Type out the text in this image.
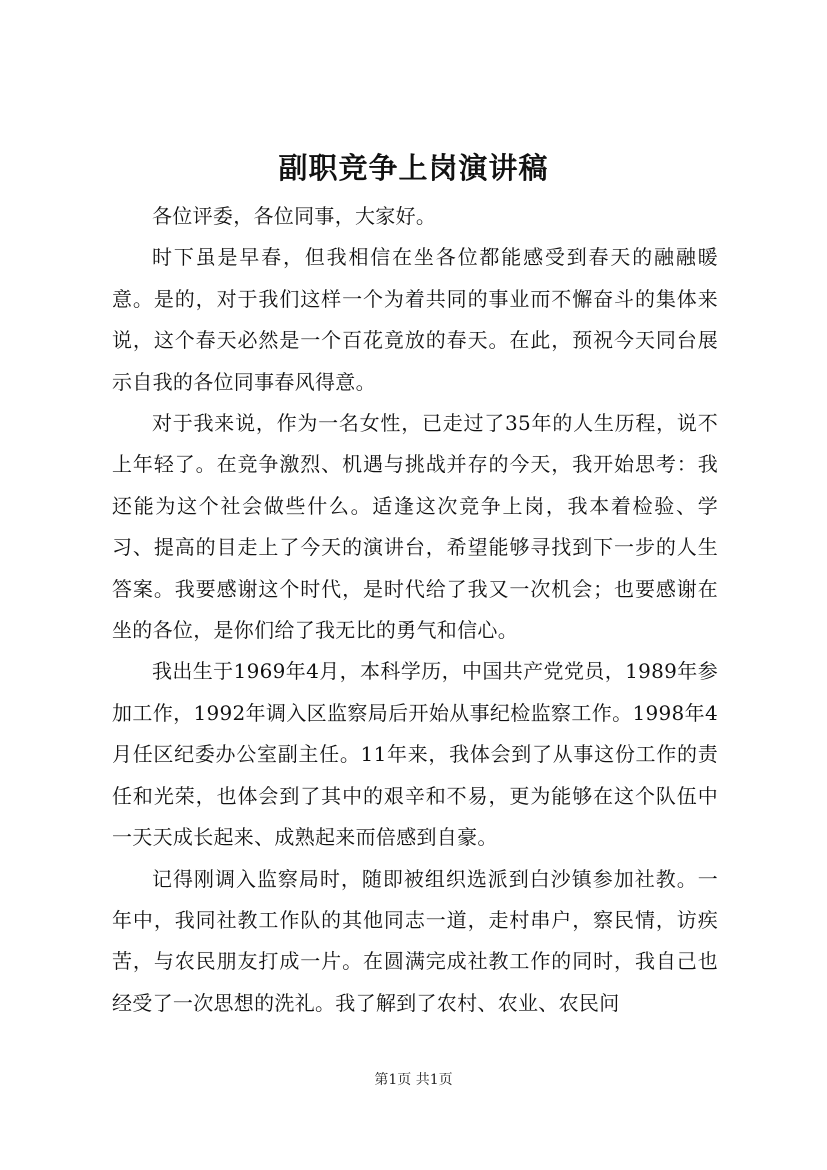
副职竞争上岗演讲稿

各位评委，各位同事，大家好。

时下虽是早春，但我相信在坐各位都能感受到春天的融融暖意。是的，对于我们这样一个为着共同的事业而不懈奋斗的集体来说，这个春天必然是一个百花竟放的春天。在此，预祝今天同台展示自我的各位同事春风得意。

对于我来说，作为一名女性，已走过了35年的人生历程，说不上年轻了。在竞争激烈、机遇与挑战并存的今天，我开始思考：我还能为这个社会做些什么。适逢这次竞争上岗，我本着检验、学习、提高的目走上了今天的演讲台，希望能够寻找到下一步的人生答案。我要感谢这个时代，是时代给了我又一次机会；也要感谢在坐的各位，是你们给了我无比的勇气和信心。

我出生于1969年4月，本科学历，中国共产党党员，1989年参加工作，1992年调入区监察局后开始从事纪检监察工作。1998年4月任区纪委办公室副主任。11年来，我体会到了从事这份工作的责任和光荣，也体会到了其中的艰辛和不易，更为能够在这个队伍中一天天成长起来、成熟起来而倍感到自豪。

记得刚调入监察局时，随即被组织选派到白沙镇参加社教。一年中，我同社教工作队的其他同志一道，走村串户，察民情，访疾苦，与农民朋友打成一片。在圆满完成社教工作的同时，我自己也经受了一次思想的洗礼。我了解到了农村、农业、农民问

第1页 共1页
